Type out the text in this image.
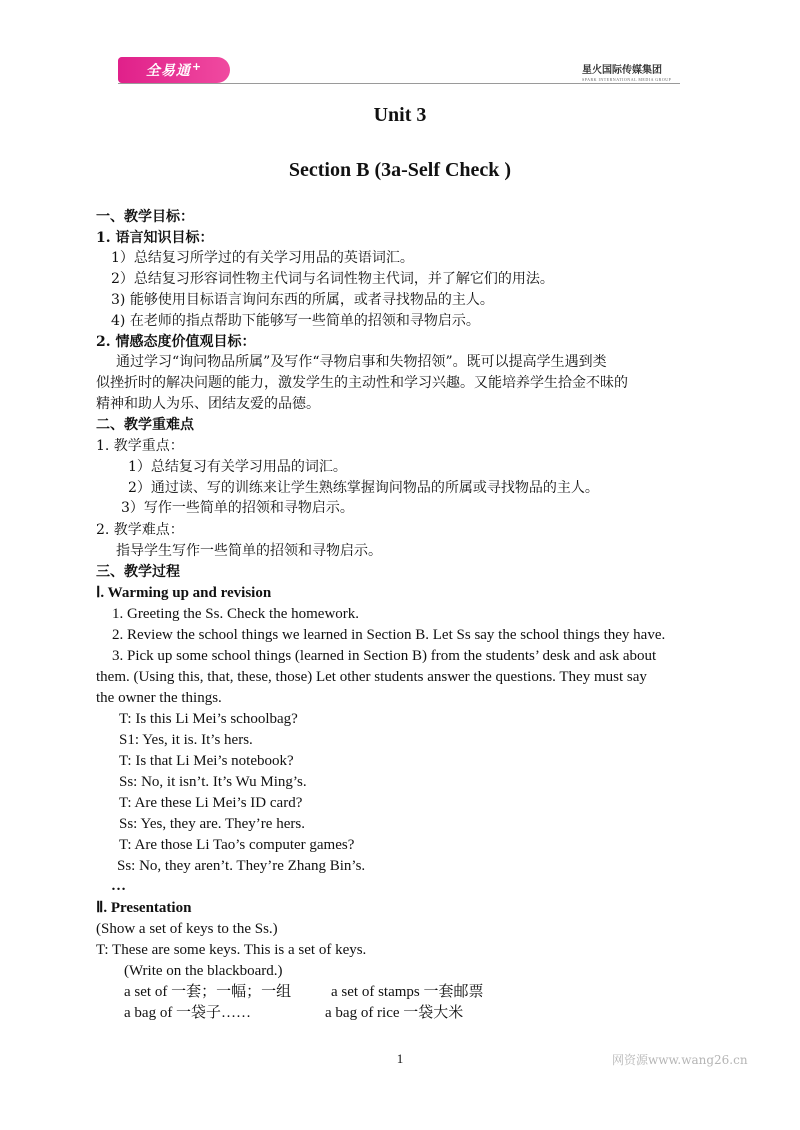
全易通+	星火国际传媒集团
SPARK INTERNATIONAL MEDIA GROUP
Unit 3
Section B (3a-Self Check )
一、教学目标：
1. 语言知识目标：
1）总结复习所学过的有关学习用品的英语词汇。
2）总结复习形容词性物主代词与名词性物主代词，并了解它们的用法。
3) 能够使用目标语言询问东西的所属，或者寻找物品的主人。
4) 在老师的指点帮助下能够写一些简单的招领和寻物启示。
2. 情感态度价值观目标：
通过学习“询问物品所属”及写作“寻物启事和失物招领”。既可以提高学生遇到类
似挫折时的解决问题的能力，激发学生的主动性和学习兴趣。又能培养学生拾金不昧的
精神和助人为乐、团结友爱的品德。
二、教学重难点
1. 教学重点：
1）总结复习有关学习用品的词汇。
2）通过读、写的训练来让学生熟练掌握询问物品的所属或寻找物品的主人。
3）写作一些简单的招领和寻物启示。
2. 教学难点：
指导学生写作一些简单的招领和寻物启示。
三、教学过程
Ⅰ. Warming up and revision
1. Greeting the Ss. Check the homework.
2. Review the school things we learned in Section B. Let Ss say the school things they have.
3. Pick up some school things (learned in Section B) from the students’ desk and ask about
them. (Using this, that, these, those) Let other students answer the questions. They must say
the owner the things.
T: Is this Li Mei’s schoolbag?
S1: Yes, it is. It’s hers.
T: Is that Li Mei’s notebook?
Ss: No, it isn’t. It’s Wu Ming’s.
T: Are these Li Mei’s ID card?
Ss: Yes, they are. They’re hers.
T: Are those Li Tao’s computer games?
Ss: No, they aren’t. They’re Zhang Bin’s.
…
Ⅱ. Presentation
(Show a set of keys to the Ss.)
T: These are some keys. This is a set of keys.
(Write on the blackboard.)
a set of 一套；一幅；一组	a set of stamps 一套邮票
a bag of 一袋子……	a bag of rice 一袋大米
1	网资源www.wang26.cn
